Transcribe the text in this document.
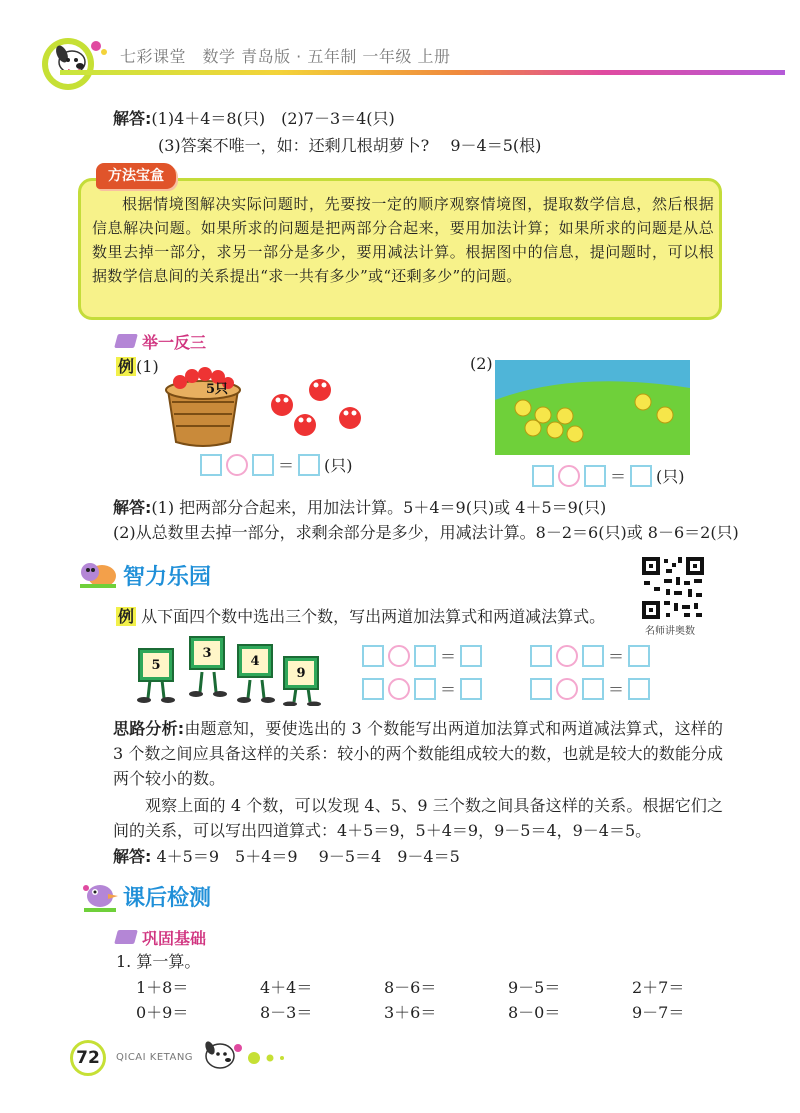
七彩课堂　数学 青岛版 · 五年制 一年级 上册
解答:(1)4＋4＝8(只)　(2)7－3＝4(只)
(3)答案不唯一，如：还剩几根胡萝卜?　 9－4＝5(根)
方法宝盒
根据情境图解决实际问题时，先要按一定的顺序观察情境图，提取数学信息，然后根据信息解决问题。如果所求的问题是把两部分合起来，要用加法计算；如果所求的问题是从总数里去掉一部分，求另一部分是多少，要用减法计算。根据图中的信息，提问题时，可以根据数学信息间的关系提出“求一共有多少”或“还剩多少”的问题。
举一反三
例 (1)
5只
(2)
＝ (只)
＝ (只)
解答:(1) 把两部分合起来，用加法计算。5＋4＝9(只)或 4＋5＝9(只)
(2)从总数里去掉一部分，求剩余部分是多少，用减法计算。8－2＝6(只)或 8－6＝2(只)
智力乐园
名师讲奥数
例 从下面四个数中选出三个数，写出两道加法算式和两道减法算式。
5
3
4
9
＝
＝
＝
＝
思路分析:由题意知，要使选出的 3 个数能写出两道加法算式和两道减法算式，这样的 3 个数之间应具备这样的关系：较小的两个数能组成较大的数，也就是较大的数能分成两个较小的数。
观察上面的 4 个数，可以发现 4、5、9 三个数之间具备这样的关系。根据它们之间的关系，可以写出四道算式：4＋5＝9，5＋4＝9，9－5＝4，9－4＝5。
解答: 4＋5＝9　5＋4＝9　 9－5＝4　9－4＝5
课后检测
巩固基础
1. 算一算。
1＋8＝	4＋4＝	8－6＝	9－5＝	2＋7＝
0＋9＝	8－3＝	3＋6＝	8－0＝	9－7＝
72	QICAI KETANG
